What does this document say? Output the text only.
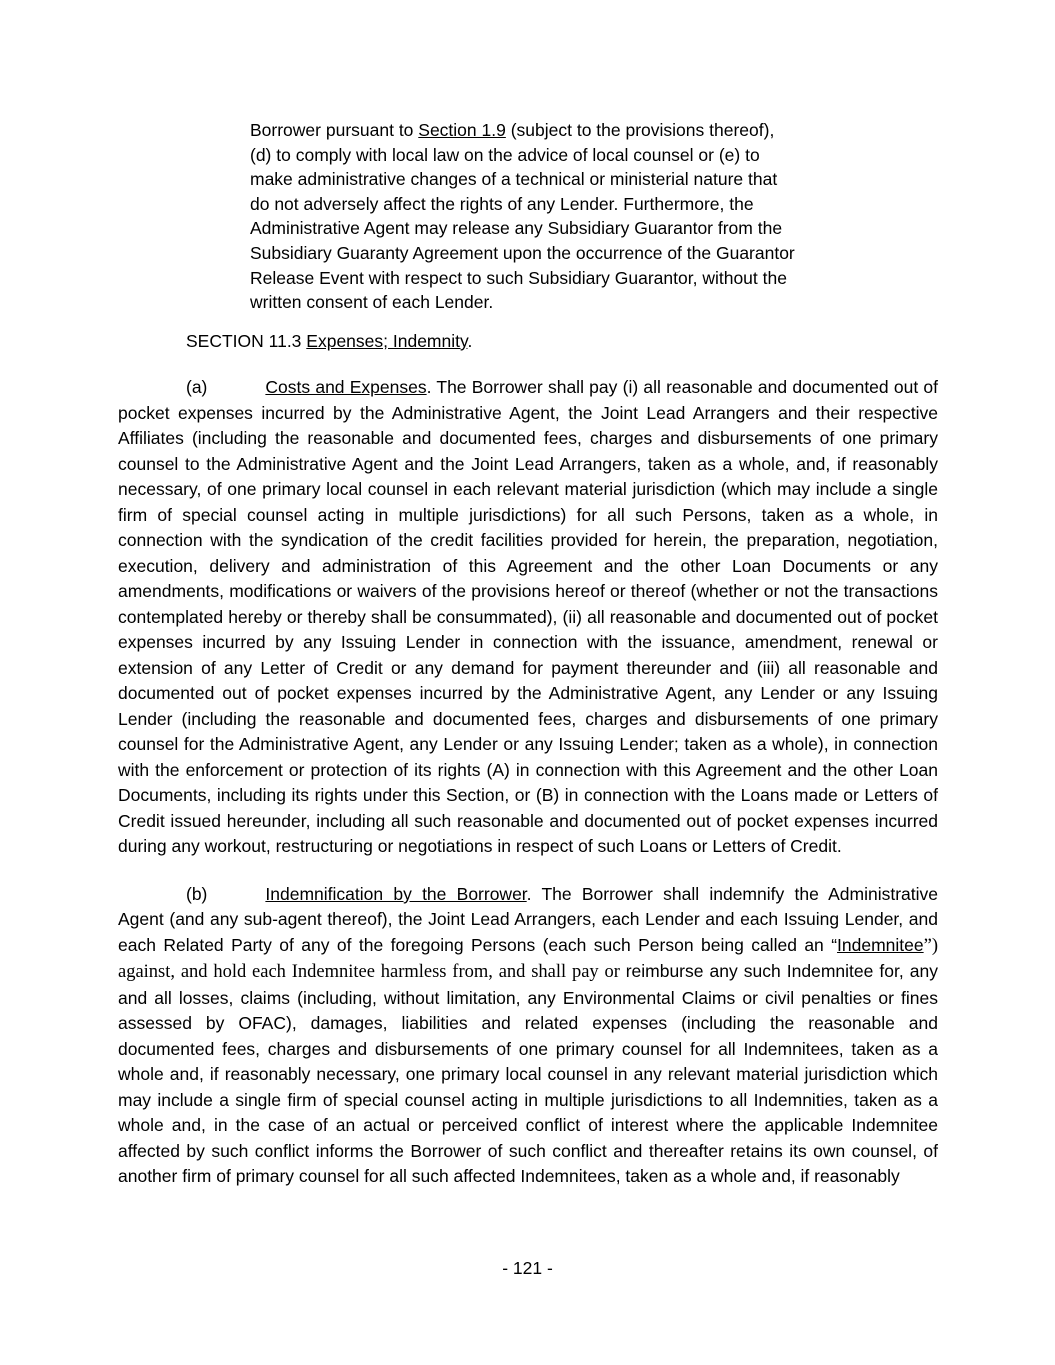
Borrower pursuant to Section 1.9 (subject to the provisions thereof), (d) to comply with local law on the advice of local counsel or (e) to make administrative changes of a technical or ministerial nature that do not adversely affect the rights of any Lender. Furthermore, the Administrative Agent may release any Subsidiary Guarantor from the Subsidiary Guaranty Agreement upon the occurrence of the Guarantor Release Event with respect to such Subsidiary Guarantor, without the written consent of each Lender.
SECTION 11.3 Expenses; Indemnity.
(a)	Costs and Expenses. The Borrower shall pay (i) all reasonable and documented out of pocket expenses incurred by the Administrative Agent, the Joint Lead Arrangers and their respective Affiliates (including the reasonable and documented fees, charges and disbursements of one primary counsel to the Administrative Agent and the Joint Lead Arrangers, taken as a whole, and, if reasonably necessary, of one primary local counsel in each relevant material jurisdiction (which may include a single firm of special counsel acting in multiple jurisdictions) for all such Persons, taken as a whole, in connection with the syndication of the credit facilities provided for herein, the preparation, negotiation, execution, delivery and administration of this Agreement and the other Loan Documents or any amendments, modifications or waivers of the provisions hereof or thereof (whether or not the transactions contemplated hereby or thereby shall be consummated), (ii) all reasonable and documented out of pocket expenses incurred by any Issuing Lender in connection with the issuance, amendment, renewal or extension of any Letter of Credit or any demand for payment thereunder and (iii) all reasonable and documented out of pocket expenses incurred by the Administrative Agent, any Lender or any Issuing Lender (including the reasonable and documented fees, charges and disbursements of one primary counsel for the Administrative Agent, any Lender or any Issuing Lender; taken as a whole), in connection with the enforcement or protection of its rights (A) in connection with this Agreement and the other Loan Documents, including its rights under this Section, or (B) in connection with the Loans made or Letters of Credit issued hereunder, including all such reasonable and documented out of pocket expenses incurred during any workout, restructuring or negotiations in respect of such Loans or Letters of Credit.
(b)	Indemnification by the Borrower. The Borrower shall indemnify the Administrative Agent (and any sub-agent thereof), the Joint Lead Arrangers, each Lender and each Issuing Lender, and each Related Party of any of the foregoing Persons (each such Person being called an “Indemnitee”) against, and hold each Indemnitee harmless from, and shall pay or reimburse any such Indemnitee for, any and all losses, claims (including, without limitation, any Environmental Claims or civil penalties or fines assessed by OFAC), damages, liabilities and related expenses (including the reasonable and documented fees, charges and disbursements of one primary counsel for all Indemnitees, taken as a whole and, if reasonably necessary, one primary local counsel in any relevant material jurisdiction which may include a single firm of special counsel acting in multiple jurisdictions to all Indemnities, taken as a whole and, in the case of an actual or perceived conflict of interest where the applicable Indemnitee affected by such conflict informs the Borrower of such conflict and thereafter retains its own counsel, of another firm of primary counsel for all such affected Indemnitees, taken as a whole and, if reasonably
- 121 -
